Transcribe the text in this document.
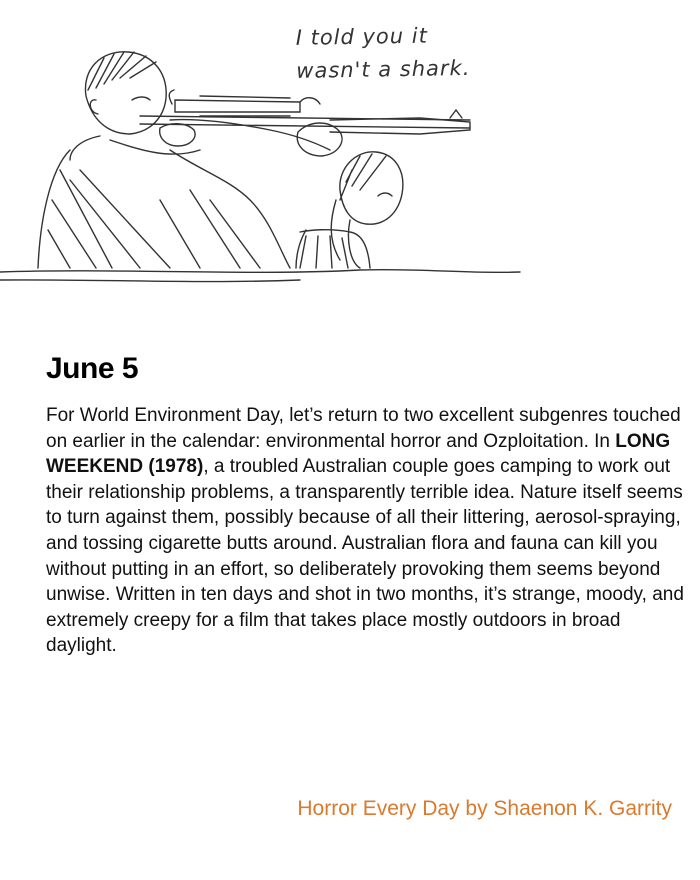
I told you it
wasn't a shark.
June 5
For World Environment Day, let’s return to two excellent subgenres touched on earlier in the calendar: environmental horror and Ozploitation. In LONG WEEKEND (1978), a troubled Australian couple goes camping to work out their relationship problems, a transparently terrible idea. Nature itself seems to turn against them, possibly because of all their littering, aerosol-spraying, and tossing cigarette butts around. Australian flora and fauna can kill you without putting in an effort, so deliberately provoking them seems beyond unwise. Written in ten days and shot in two months, it’s strange, moody, and extremely creepy for a film that takes place mostly outdoors in broad daylight.
Horror Every Day by Shaenon K. Garrity
